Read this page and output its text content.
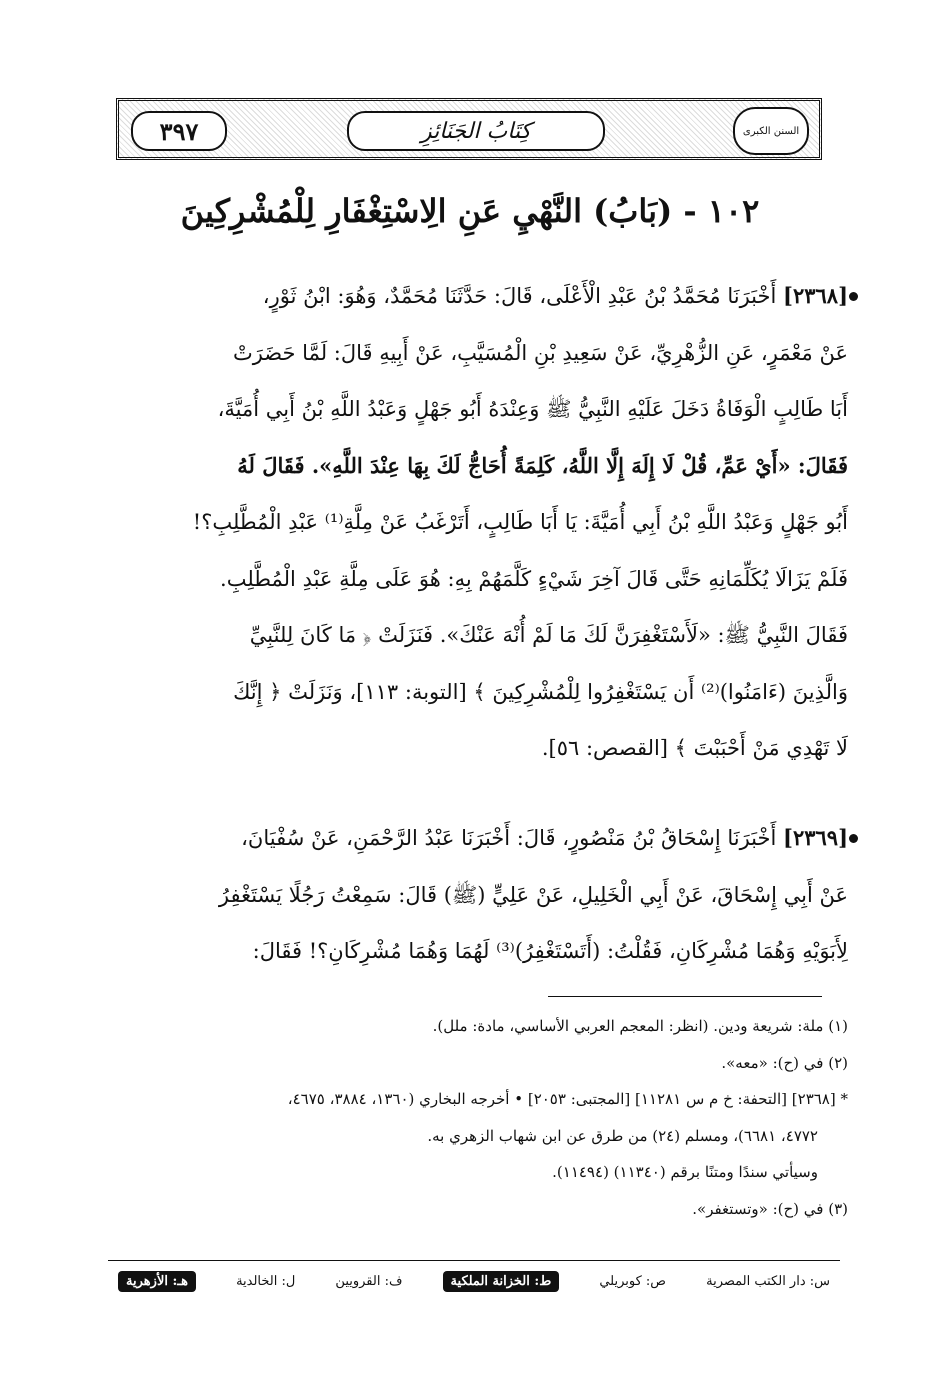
السنن الكبرى
كِتَابُ الجَنَائِزِ
٣٩٧
١٠٢ - (بَابُ) النَّهْيِ عَنِ الِاسْتِغْفَارِ لِلْمُشْرِكِينَ

[٢٣٦٨] أَخْبَرَنَا مُحَمَّدُ بْنُ عَبْدِ الْأَعْلَى، قَالَ: حَدَّثَنَا مُحَمَّدٌ، وَهُوَ: ابْنُ ثَوْرٍ،

عَنْ مَعْمَرٍ، عَنِ الزُّهْرِيِّ، عَنْ سَعِيدِ بْنِ الْمُسَيَّبِ، عَنْ أَبِيهِ قَالَ: لَمَّا حَضَرَتْ

أَبَا طَالِبٍ الْوَفَاةُ دَخَلَ عَلَيْهِ النَّبِيُّ ﷺ وَعِنْدَهُ أَبُو جَهْلٍ وَعَبْدُ اللَّهِ بْنُ أَبِي أُمَيَّةَ،

فَقَالَ: «أَيْ عَمِّ، قُلْ لَا إِلَهَ إِلَّا اللَّهُ، كَلِمَةً أُحَاجُّ لَكَ بِهَا عِنْدَ اللَّهِ». فَقَالَ لَهُ

أَبُو جَهْلٍ وَعَبْدُ اللَّهِ بْنُ أَبِي أُمَيَّةَ: يَا أَبَا طَالِبٍ، أَتَرْغَبُ عَنْ مِلَّةِ⁽¹⁾ عَبْدِ الْمُطَّلِبِ؟!

فَلَمْ يَزَالَا يُكَلِّمَانِهِ حَتَّى قَالَ آخِرَ شَيْءٍ كَلَّمَهُمْ بِهِ: هُوَ عَلَى مِلَّةِ عَبْدِ الْمُطَّلِبِ.

فَقَالَ النَّبِيُّ ﷺ: «لَأَسْتَغْفِرَنَّ لَكَ مَا لَمْ أُنْهَ عَنْكَ». فَنَزَلَتْ ﴿ مَا كَانَ لِلنَّبِيِّ

وَالَّذِينَ (ءَامَنُوا)⁽²⁾ أَن يَسْتَغْفِرُوا لِلْمُشْرِكِينَ ﴾ [التوبة: ١١٣]، وَنَزَلَتْ ﴿ إِنَّكَ

لَا تَهْدِي مَنْ أَحْبَبْتَ ﴾ [القصص: ٥٦].

[٢٣٦٩] أَخْبَرَنَا إِسْحَاقُ بْنُ مَنْصُورٍ، قَالَ: أَخْبَرَنَا عَبْدُ الرَّحْمَنِ، عَنْ سُفْيَانَ،

عَنْ أَبِي إِسْحَاقَ، عَنْ أَبِي الْخَلِيلِ، عَنْ عَلِيٍّ (ﷺ) قَالَ: سَمِعْتُ رَجُلًا يَسْتَغْفِرُ

لِأَبَوَيْهِ وَهُمَا مُشْرِكَانِ، فَقُلْتُ: (أَتَسْتَغْفِرُ)⁽³⁾ لَهُمَا وَهُمَا مُشْرِكَانِ؟! فَقَالَ:

(١) ملة: شريعة ودين. (انظر: المعجم العربي الأساسي، مادة: ملل).
(٢) في (ح): «معه».
* [٢٣٦٨] [التحفة: خ م س ١١٢٨١] [المجتبى: ٢٠٥٣] • أخرجه البخاري (١٣٦٠، ٣٨٨٤، ٤٦٧٥،
٤٧٧٢، ٦٦٨١)، ومسلم (٢٤) من طرق عن ابن شهاب الزهري به.
وسيأتي سندًا ومتنًا برقم (١١٣٤٠) (١١٤٩٤).
(٣) في (ح): «وتستغفر».
س: دار الكتب المصرية
ص: كوبريلي
ط: الخزانة الملكية
ف: القرويين
ل: الخالدية
هـ: الأزهرية
